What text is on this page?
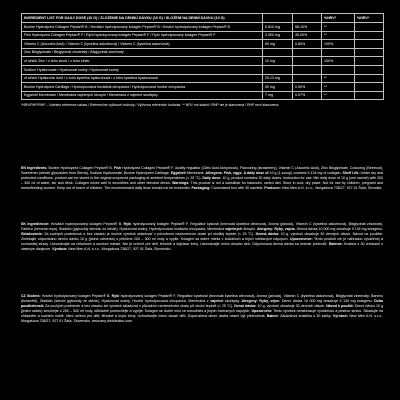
INGREDIENT LIST FOR DAILY DOSE (10 G) / ZLOŽENIE NA DENNÚ DÁVKU (10 G) / SLOŽENÍ NA DENNÍ DÁVKU (10 G)			%NRV*	%NRV*
Bovine Hydrolyzed Collagen Peptan® B / Hovädzí hydrolyzovaný kolagén Peptan® B / Hovězí hydrolyzovaný kolagen Peptan® B	5 810 mg	58.10%	**	
Fish Hydrolyzed Collagen Peptan® F / Rybí hydrolyzovaný kolagén Peptan® F / Rybí hydrolyzovaný kolagen Peptan® F	3 500 mg	35.00%	**	
Vitamin C (Ascorbic Acid) / Vitamín C (kyselina askorbová) / Vitamin C (kyselina askorbová)	80 mg	0.80%	100%	
Zinc Bisglycinate / Bisglycinát zinočnatý / Bisglycinát zinečnatý				
of which Zinc / z toho zinok / z toho zinek	10 mg		100%	
Sodium Hyaluronate / Hyaluronát sodný / Hyaluronát sodný				
of which Hyaluronic Acid / z toho kyselina hyalurónová / z toho kyselina hyaluronová	29.13 mg		**	
Bovine Hydrolyzed Cartilage / Hydrolyzovaná hovädzia chrupavka / Hydrolyzovaná hovězí chrupavka	50 mg	0.50%	**	
Eggshell Membrane / Membrána vaječných škrupín / Membrána z vaječné skořápky	7 mg	0.07%	**	
*NRV/RHP/RHP – Nutrient reference values / Referenčné výživové hodnoty / Výživová referenční hodnota. ** NRV not stated / RHP nie je stanovená / RHP není stanovena
EN Ingredients: Bovine Hydrolyzed Collagen Peptan® B, Fish Hydrolyzed Collagen Peptan® F, Acidity regulator (Citric Acid Anhydrous), Flavouring (strawberry), Vitamin C (Ascorbic Acid), Zinc Bisglycinate, Colouring (Beetroot), Sweetener (steviol glycosides from Stevia), Sodium Hyaluronate, Bovine Hydrolyzed Cartilage, Eggshell Membrane. Allergens: Fish, eggs. A daily dose of 10 g (1 scoop) contains 9.134 mg of collagen. Shelf Life: Under dry and protected conditions, product can be stored in the original unopened packaging at ambient temperatures (< 25 °C). Daily dose: 10 g, product contains 30 daily doses. Instruction for use: Mix daily dose of 10 g (one sachet) with 200 – 300 ml of water, stir and drink. Collagen mixes well in smoothies and other blended drinks. Warnings: This product is not a substitute for balanced, varied diet. Store in cool, dry place. Not for use by children, pregnant and breastfeeding women. Keep out of reach of children. The recommended daily dose should not be exceeded. Packaging: Customised box with 30 sachets. Producer: New Men A.N. s.r.o., Murgašova 738/27, 927 01 Šaľa, Slovakia.
SK Ingrediencie: Hovädzí hydrolyzovaný kolagén Peptan® B, Rybí hydrolyzovaný kolagén Peptan® F, Regulátor kyslosti (bezvodá kyselina citrónová), Aróma (jahoda), Vitamín C (kyselina askorbová), Bisglycinát zinočnatý, Farbivo (červená repa), Sladidlo (glykozidy steviolu zo stévie), Hyaluronát sodný, Hydrolyzovaná hovädzia chrupavka, Membrána vaječných škrupín. Alergény: Ryby, vajcia. Denná dávka 10 000 mg obsahuje 9 134 mg kolagénu. Skladovanie: Za suchých podmienok a bez zásahu je možné výrobok skladovať v pôvodnom neotvorenom obale pri okolitej teplote (< 25 °C). Denná dávka: 10 g, výrobok obsahuje 30 denných dávok. Návod na použitie: Zmiešajte odporúčanú dennú dávku 10 g (jedna odmerka) s približne 200 – 300 ml vody a vypite. Kolagén sa dobre mieša v koktailoch a iných miešaných nápojoch. Upozornenie: Tento produkt nie je náhradou vyváženej a rozmanitej stravy. Uchovávajte na chladnom a suchom mieste. Nie je určené pre deti, tehotné a dojčiace ženy. Uchovávajte mimo dosahu detí. Odporúčaná denná dávka sa nesmie prekročiť. Balenie: Krabica s 30 vreckami s vlastným dizajnom. Výrobca: New Men A.N. s.r.o., Murgašova 738/27, 927 01 Šaľa, Slovensko.
CZ Složení: Hovězí hydrolyzovaný kolagen Peptan® B, Rybí hydrolyzovaný kolagen Peptan® F, Regulátor kyselosti (bezvodá kyselina citronová), Aroma (jahoda), Vitamín C (kyselina askorbová), Bisglycinát zinečnatý, Barvivo (boranětě), Sladidlo (steviol glykosidy ze stévie), Hyaluronát sodný, Hovězí hydrolyzovaná chrupavka, Membrána z vaječné skořápky. Alergeny: Ryby, vejce. Denní dávka 10 000 mg obsahuje 9 134 mg kolagenu. Doba použitelnosti: Za suchých podmínek a bez zásahu lze výrobek skladovat v původním neotevřeném obalu při okolní teplotě (< 25 °C). Denní dávka: 10 g, výrobek obsahuje 30 denních dávek. Návod k použití: Denní dávku 10 g (jeden sáček) smíchejte s 200 – 300 ml vody, důkladně promíchejte a vypijte. Kolagen se dobře mísí ve smoothies a jiných míchaných nápojích. Upozornění: Tento výrobek nenahrazuje vyváženou a pestrou stravu. Skladujte na chladném a suchém místě. Není určeno pro děti, těhotné a kojící ženy. Uchovávejte mimo dosah dětí. Doporučená denní dávka nesmí být překročena. Balení: Zakázková krabička s 30 sáčky. Výrobce: New Men A.N. s.r.o., Murgašova 738/27, 927 01 Šaľa, Slovensko. www.any-distribution.com
